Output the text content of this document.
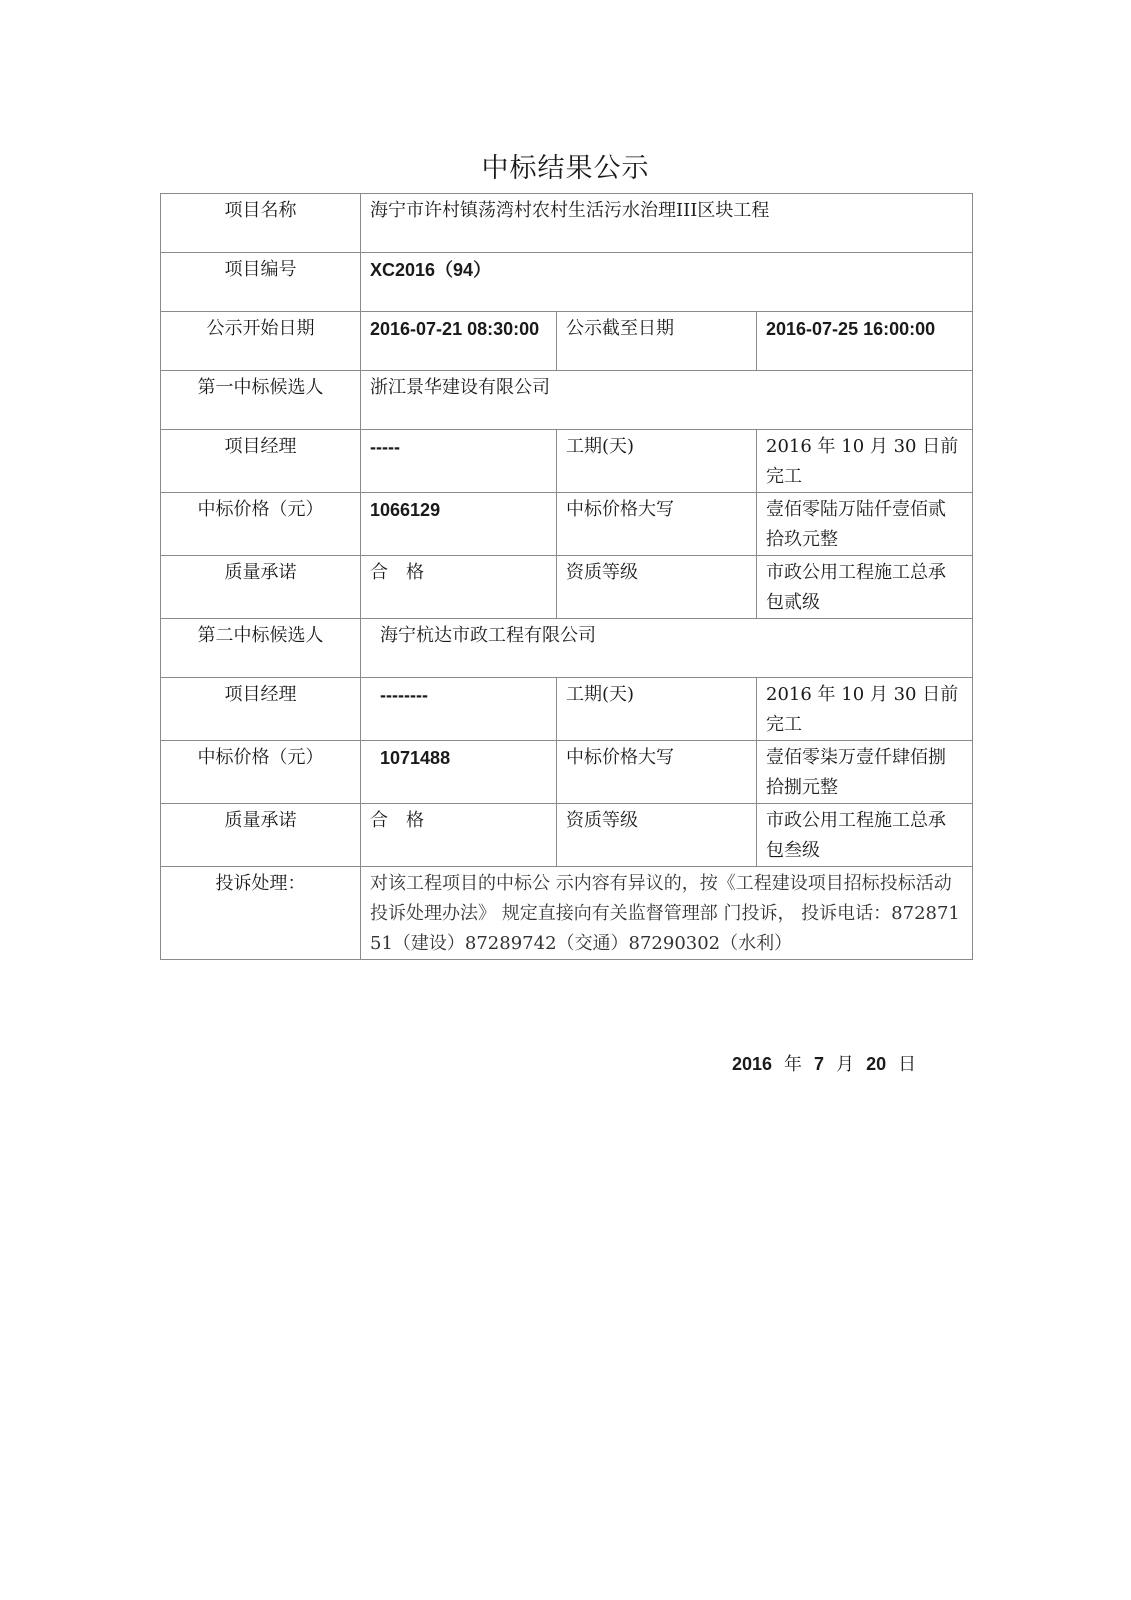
中标结果公示
项目名称	海宁市许村镇荡湾村农村生活污水治理III区块工程		
项目编号	XC2016（94）		
公示开始日期	2016-07-21 08:30:00	公示截至日期	2016-07-25 16:00:00
第一中标候选人	浙江景华建设有限公司		
项目经理	-----	工期(天)	2016 年 10 月 30 日前完工
中标价格（元）	1066129	中标价格大写	壹佰零陆万陆仟壹佰贰拾玖元整
质量承诺	合　格	资质等级	市政公用工程施工总承包贰级
第二中标候选人	海宁杭达市政工程有限公司		
项目经理	--------	工期(天)	2016 年 10 月 30 日前完工
中标价格（元）	1071488	中标价格大写	壹佰零柒万壹仟肆佰捌拾捌元整
质量承诺	合　格	资质等级	市政公用工程施工总承包叁级
投诉处理：	对该工程项目的中标公 示内容有异议的，按《工程建设项目招标投标活动投诉处理办法》 规定直接向有关监督管理部 门投诉， 投诉电话：87287151（建设）87289742（交通）87290302（水利）		
2016 年 7 月 20 日
